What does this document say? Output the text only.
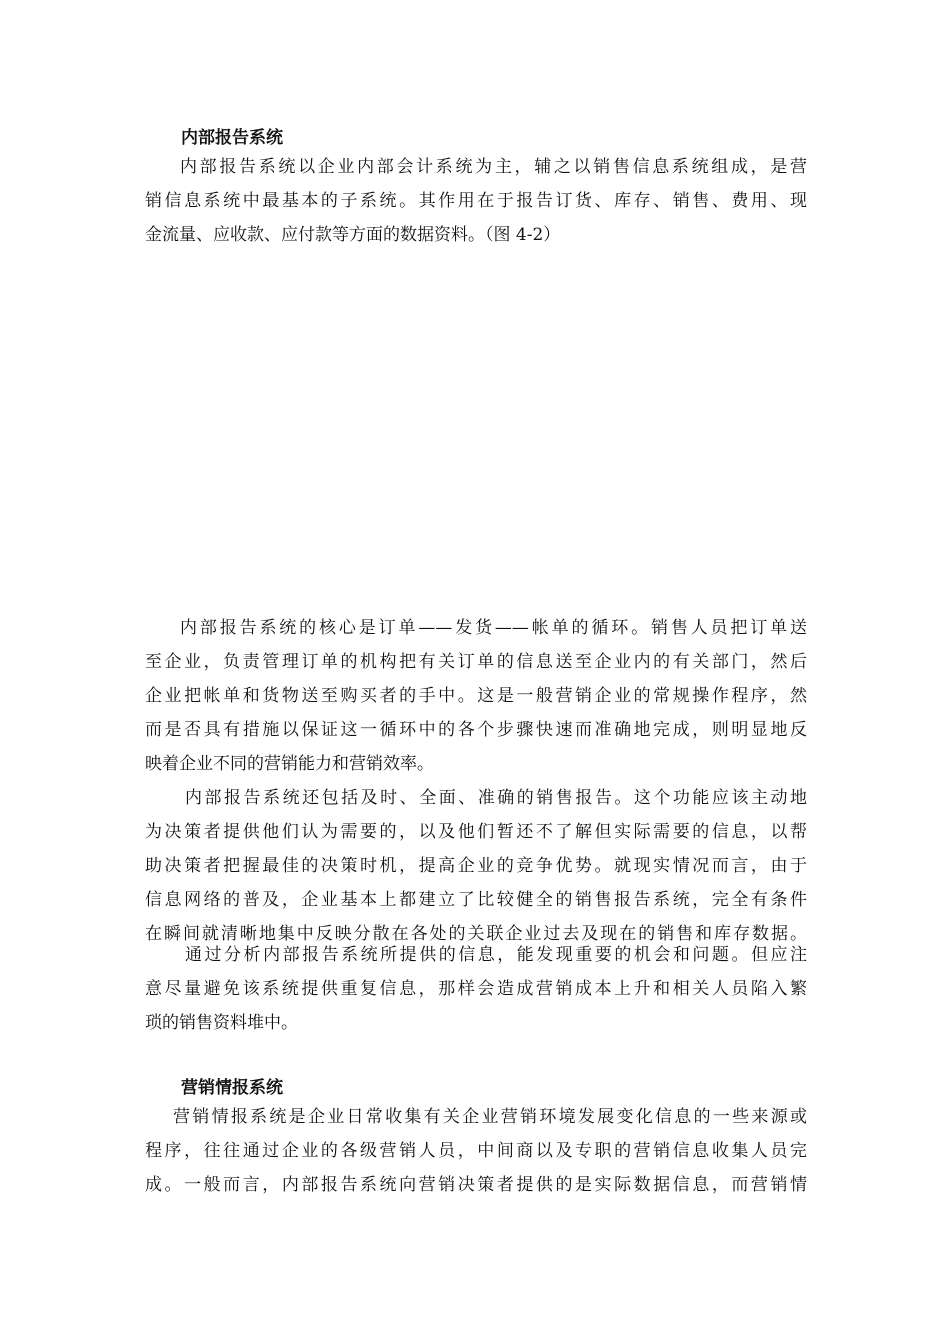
内部报告系统
内部报告系统以企业内部会计系统为主，辅之以销售信息系统组成，是营
销信息系统中最基本的子系统。其作用在于报告订货、库存、销售、费用、现
金流量、应收款、应付款等方面的数据资料。（图 4-2）
内部报告系统的核心是订单——发货——帐单的循环。销售人员把订单送
至企业，负责管理订单的机构把有关订单的信息送至企业内的有关部门，然后
企业把帐单和货物送至购买者的手中。这是一般营销企业的常规操作程序，然
而是否具有措施以保证这一循环中的各个步骤快速而准确地完成，则明显地反
映着企业不同的营销能力和营销效率。
内部报告系统还包括及时、全面、准确的销售报告。这个功能应该主动地
为决策者提供他们认为需要的，以及他们暂还不了解但实际需要的信息，以帮
助决策者把握最佳的决策时机，提高企业的竞争优势。就现实情况而言，由于
信息网络的普及，企业基本上都建立了比较健全的销售报告系统，完全有条件
在瞬间就清晰地集中反映分散在各处的关联企业过去及现在的销售和库存数据。
通过分析内部报告系统所提供的信息，能发现重要的机会和问题。但应注
意尽量避免该系统提供重复信息，那样会造成营销成本上升和相关人员陷入繁
琐的销售资料堆中。
营销情报系统
营销情报系统是企业日常收集有关企业营销环境发展变化信息的一些来源或
程序，往往通过企业的各级营销人员，中间商以及专职的营销信息收集人员完
成。一般而言，内部报告系统向营销决策者提供的是实际数据信息，而营销情
